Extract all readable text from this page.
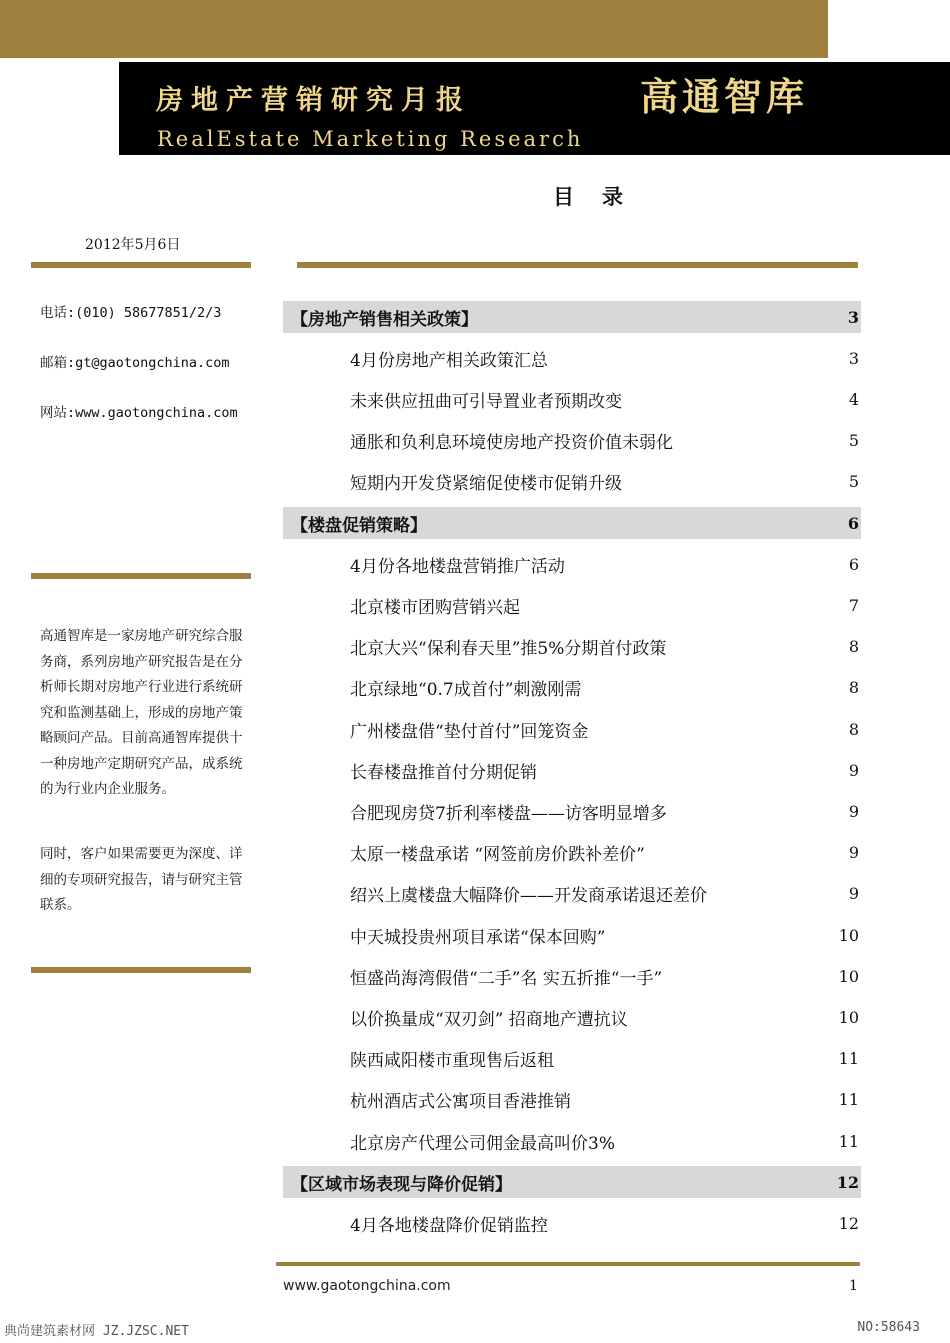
房地产营销研究月报	高通智库
RealEstate Marketing Research
目录
2012年5月6日
电话:(010) 58677851/2/3
邮箱:gt@gaotongchina.com
网站:www.gaotongchina.com
高通智库是一家房地产研究综合服务商，系列房地产研究报告是在分析师长期对房地产行业进行系统研究和监测基础上，形成的房地产策略顾问产品。目前高通智库提供十一种房地产定期研究产品，成系统的为行业内企业服务。
同时，客户如果需要更为深度、详细的专项研究报告，请与研究主管联系。
【房地产销售相关政策】	3
4月份房地产相关政策汇总	3
未来供应扭曲可引导置业者预期改变	4
通胀和负利息环境使房地产投资价值未弱化	5
短期内开发贷紧缩促使楼市促销升级	5
【楼盘促销策略】	6
4月份各地楼盘营销推广活动	6
北京楼市团购营销兴起	7
北京大兴“保利春天里”推5%分期首付政策	8
北京绿地“0.7成首付”刺激刚需	8
广州楼盘借“垫付首付”回笼资金	8
长春楼盘推首付分期促销	9
合肥现房贷7折利率楼盘——访客明显增多	9
太原一楼盘承诺 “网签前房价跌补差价”	9
绍兴上虞楼盘大幅降价——开发商承诺退还差价	9
中天城投贵州项目承诺“保本回购”	10
恒盛尚海湾假借“二手”名 实五折推“一手”	10
以价换量成“双刃剑” 招商地产遭抗议	10
陕西咸阳楼市重现售后返租	11
杭州酒店式公寓项目香港推销	11
北京房产代理公司佣金最高叫价3%	11
【区域市场表现与降价促销】	12
4月各地楼盘降价促销监控	12
www.gaotongchina.com	1
典尚建筑素材网 JZ.JZSC.NET	NO:58643
